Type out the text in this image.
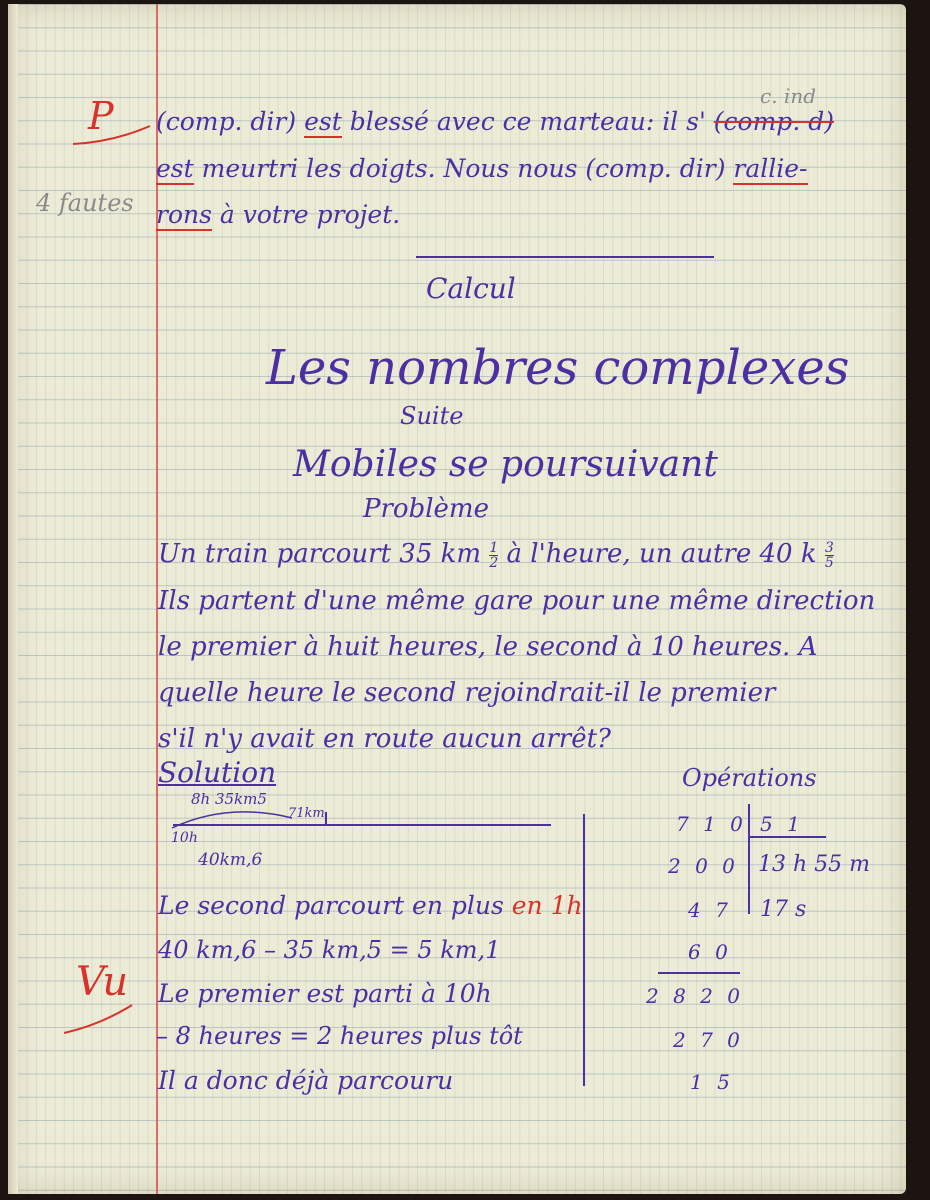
P
4 fautes
Vu
c. ind
(comp. dir) est blessé avec ce marteau: il s' (comp. d)
est meurtri les doigts. Nous nous (comp. dir) rallie-
rons à votre projet.
Calcul
Les nombres complexes
Suite
Mobiles se poursuivant
Problème
Un train parcourt 35 km $\frac{1}{2}$ à l'heure, un autre 40 k $\frac{3}{5}$
Ils partent d'une même gare pour une même direction
le premier à huit heures, le second à 10 heures. A
quelle heure le second rejoindrait-il le premier
s'il n'y avait en route aucun arrêt?
Solution
8h 35km5
71km
10h
40km,6
Le second parcourt en plus en 1h
40 km,6 – 35 km,5 = 5 km,1
Le premier est parti à 10h
– 8 heures = 2 heures plus tôt
Il a donc déjà parcouru
Opérations
7 1 0 5 1
2 0 0 13 h 55 m
4 7 17 s
6 0
2 8 2 0
2 7 0
1 5
